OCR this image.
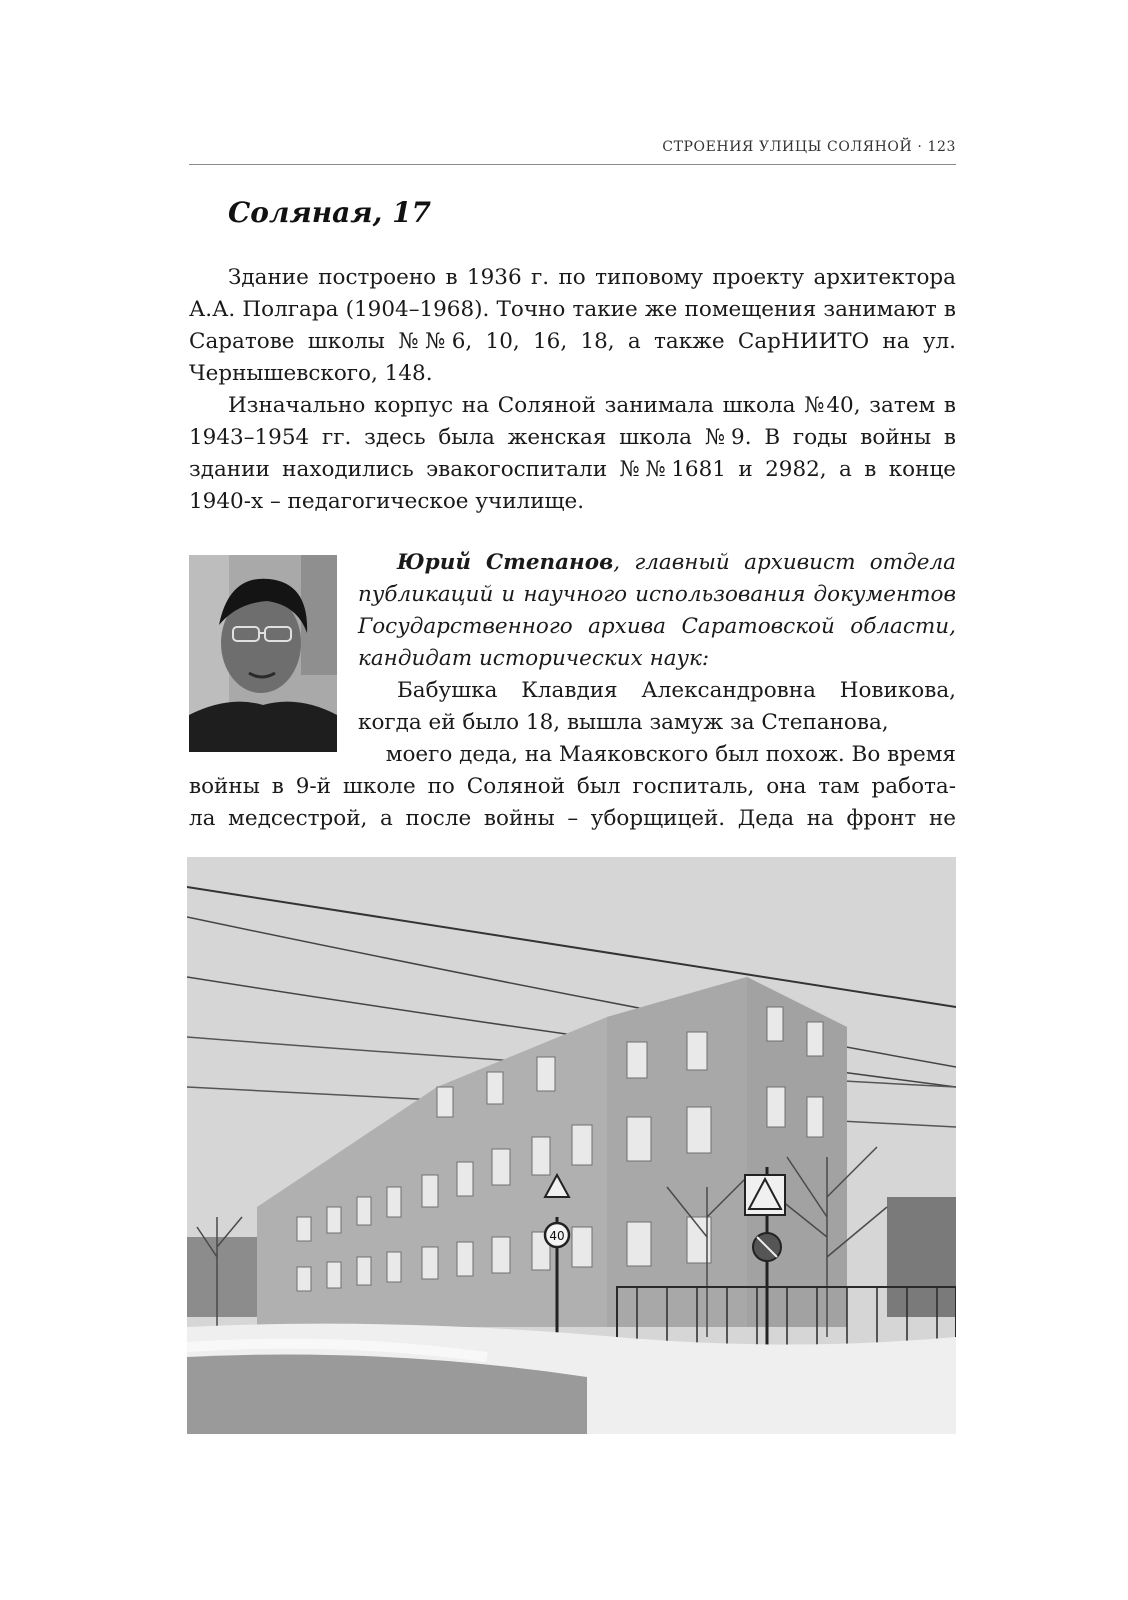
СТРОЕНИЯ УЛИЦЫ СОЛЯНОЙ · 123
Соляная, 17

Здание построено в 1936 г. по типовому проекту архитектора А.А. Полгара (1904–1968). Точно такие же помещения занимают в Саратове школы №№6, 10, 16, 18, а также СарНИИТО на ул. Чернышевского, 148.

Изначально корпус на Соляной занимала школа №40, затем в 1943–1954 гг. здесь была женская школа №9. В годы войны в здании находились эвакогоспитали №№1681 и 2982, а в конце 1940-х – педагогическое училище.

Юрий Степанов, главный архивист отдела публикаций и научного использования документов Государственного архива Саратовской области, кандидат исторических наук:

Бабушка Клавдия Александровна Новикова, когда ей было 18, вышла замуж за Степанова,

моего деда, на Маяковского был похож. Во время
войны в 9-й школе по Соляной был госпиталь, она там работа-
ла медсестрой, а после войны – уборщицей. Деда на фронт не
40
